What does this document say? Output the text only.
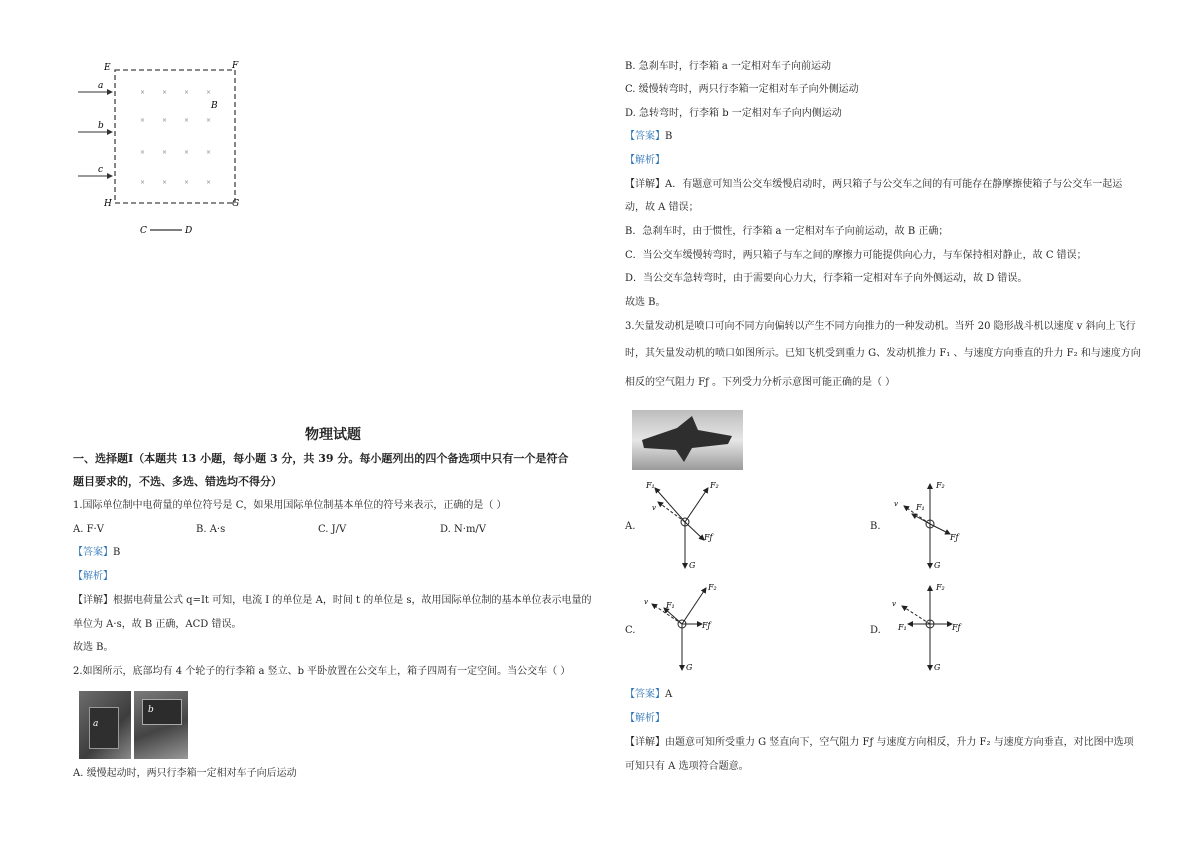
E	F
H	G
B
×	×	×	×
×	×	×	×
×	×	×	×
×	×	×	×
a
b
c
C	D
物理试题
一、选择题Ⅰ（本题共 13 小题，每小题 3 分，共 39 分。每小题列出的四个备选项中只有一个是符合
题目要求的，不选、多选、错选均不得分）
1.国际单位制中电荷量的单位符号是 C，如果用国际单位制基本单位的符号来表示，正确的是（ ）
A. F·V	B. A·s	C. J/V	D. N·m/V
【答案】B
【解析】
【详解】根据电荷量公式 q=It 可知，电流 I 的单位是 A，时间 t 的单位是 s，故用国际单位制的基本单位表示电量的
单位为 A·s，故 B 正确，ACD 错误。
故选 B。
2.如图所示，底部均有 4 个轮子的行李箱 a 竖立、b 平卧放置在公交车上，箱子四周有一定空间。当公交车（ ）
a
b
A. 缓慢起动时，两只行李箱一定相对车子向后运动
B. 急刹车时，行李箱 a 一定相对车子向前运动
C. 缓慢转弯时，两只行李箱一定相对车子向外侧运动
D. 急转弯时，行李箱 b 一定相对车子向内侧运动
【答案】B
【解析】
【详解】A．有题意可知当公交车缓慢启动时，两只箱子与公交车之间的有可能存在静摩擦使箱子与公交车一起运
动，故 A 错误；
B．急刹车时，由于惯性，行李箱 a 一定相对车子向前运动，故 B 正确；
C．当公交车缓慢转弯时，两只箱子与车之间的摩擦力可能提供向心力，与车保持相对静止，故 C 错误；
D．当公交车急转弯时，由于需要向心力大，行李箱一定相对车子向外侧运动，故 D 错误。
故选 B。
3.矢量发动机是喷口可向不同方向偏转以产生不同方向推力的一种发动机。当歼 20 隐形战斗机以速度 v 斜向上飞行
时，其矢量发动机的喷口如图所示。已知飞机受到重力 G、发动机推力 F₁ 、与速度方向垂直的升力 F₂ 和与速度方向
相反的空气阻力 Fƒ 。下列受力分析示意图可能正确的是（ ）
A.
F₁	F₂
Fƒ
G
v
B.
F₂
F₁
Fƒ
G
v
C.
F₂
F₁
Fƒ
G
v
D.
F₂
F₁	Fƒ
G
v
【答案】A
【解析】
【详解】由题意可知所受重力 G 竖直向下，空气阻力 Fƒ 与速度方向相反，升力 F₂ 与速度方向垂直，对比图中选项
可知只有 A 选项符合题意。
